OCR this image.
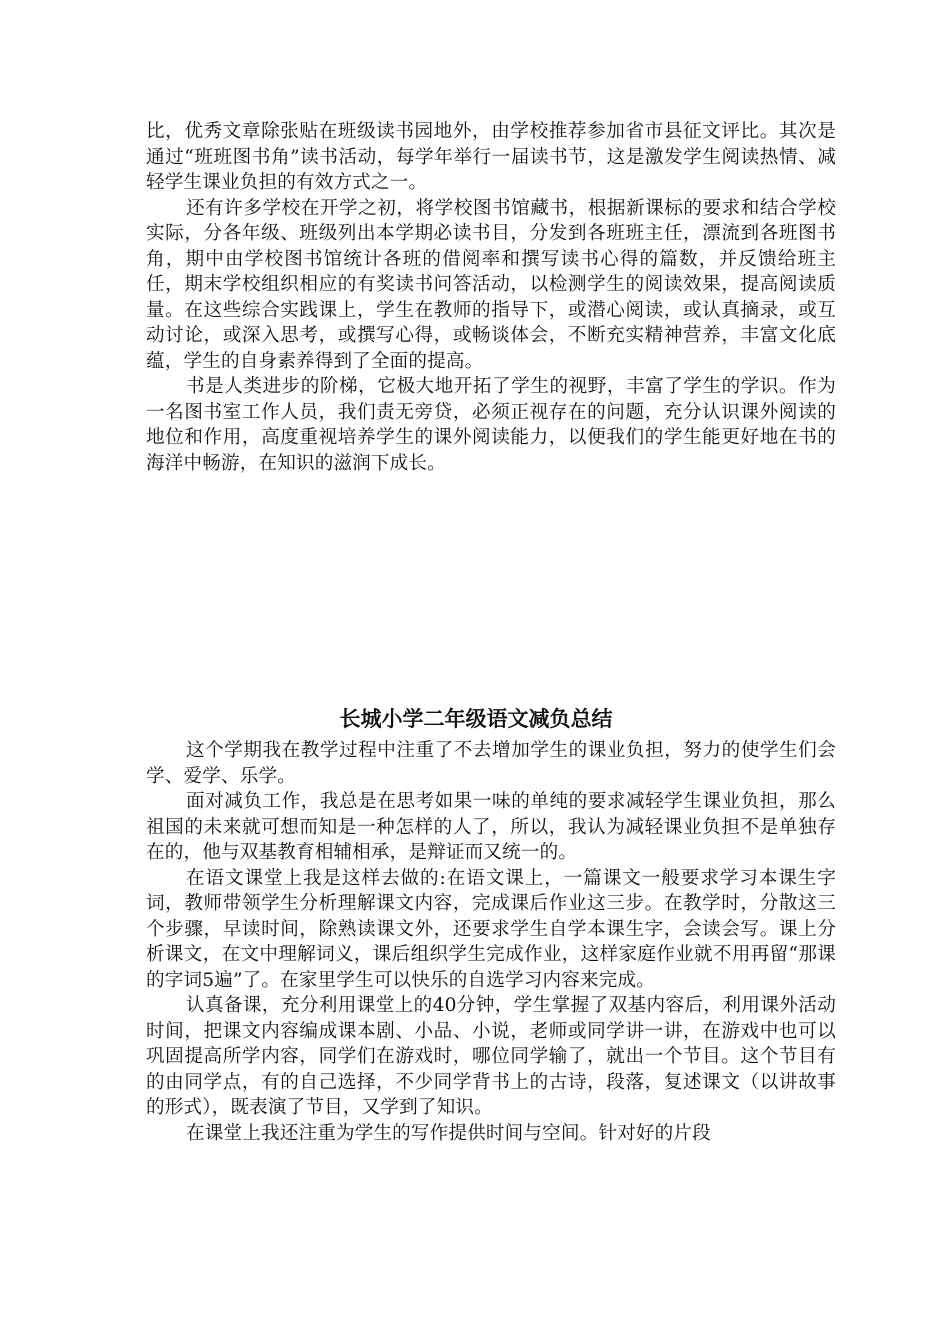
比，优秀文章除张贴在班级读书园地外，由学校推荐参加省市县征文评比。其次是通过“班班图书角”读书活动，每学年举行一届读书节，这是激发学生阅读热情、减轻学生课业负担的有效方式之一。

还有许多学校在开学之初，将学校图书馆藏书，根据新课标的要求和结合学校实际，分各年级、班级列出本学期必读书目，分发到各班班主任，漂流到各班图书角，期中由学校图书馆统计各班的借阅率和撰写读书心得的篇数，并反馈给班主任，期末学校组织相应的有奖读书问答活动，以检测学生的阅读效果，提高阅读质量。在这些综合实践课上，学生在教师的指导下，或潜心阅读，或认真摘录，或互动讨论，或深入思考，或撰写心得，或畅谈体会，不断充实精神营养，丰富文化底蕴，学生的自身素养得到了全面的提高。

书是人类进步的阶梯，它极大地开拓了学生的视野，丰富了学生的学识。作为一名图书室工作人员，我们责无旁贷，必须正视存在的问题，充分认识课外阅读的地位和作用，高度重视培养学生的课外阅读能力，以便我们的学生能更好地在书的海洋中畅游，在知识的滋润下成长。

长城小学二年级语文减负总结

这个学期我在教学过程中注重了不去增加学生的课业负担，努力的使学生们会学、爱学、乐学。

面对减负工作，我总是在思考如果一味的单纯的要求减轻学生课业负担，那么祖国的未来就可想而知是一种怎样的人了，所以，我认为减轻课业负担不是单独存在的，他与双基教育相辅相承，是辩证而又统一的。

在语文课堂上我是这样去做的:在语文课上，一篇课文一般要求学习本课生字词，教师带领学生分析理解课文内容，完成课后作业这三步。在教学时，分散这三个步骤，早读时间，除熟读课文外，还要求学生自学本课生字，会读会写。课上分析课文，在文中理解词义，课后组织学生完成作业，这样家庭作业就不用再留“那课的字词5遍”了。在家里学生可以快乐的自选学习内容来完成。

认真备课，充分利用课堂上的40分钟，学生掌握了双基内容后，利用课外活动时间，把课文内容编成课本剧、小品、小说，老师或同学讲一讲，在游戏中也可以巩固提高所学内容，同学们在游戏时，哪位同学输了，就出一个节目。这个节目有的由同学点，有的自己选择，不少同学背书上的古诗，段落，复述课文（以讲故事的形式），既表演了节目，又学到了知识。

在课堂上我还注重为学生的写作提供时间与空间。针对好的片段
